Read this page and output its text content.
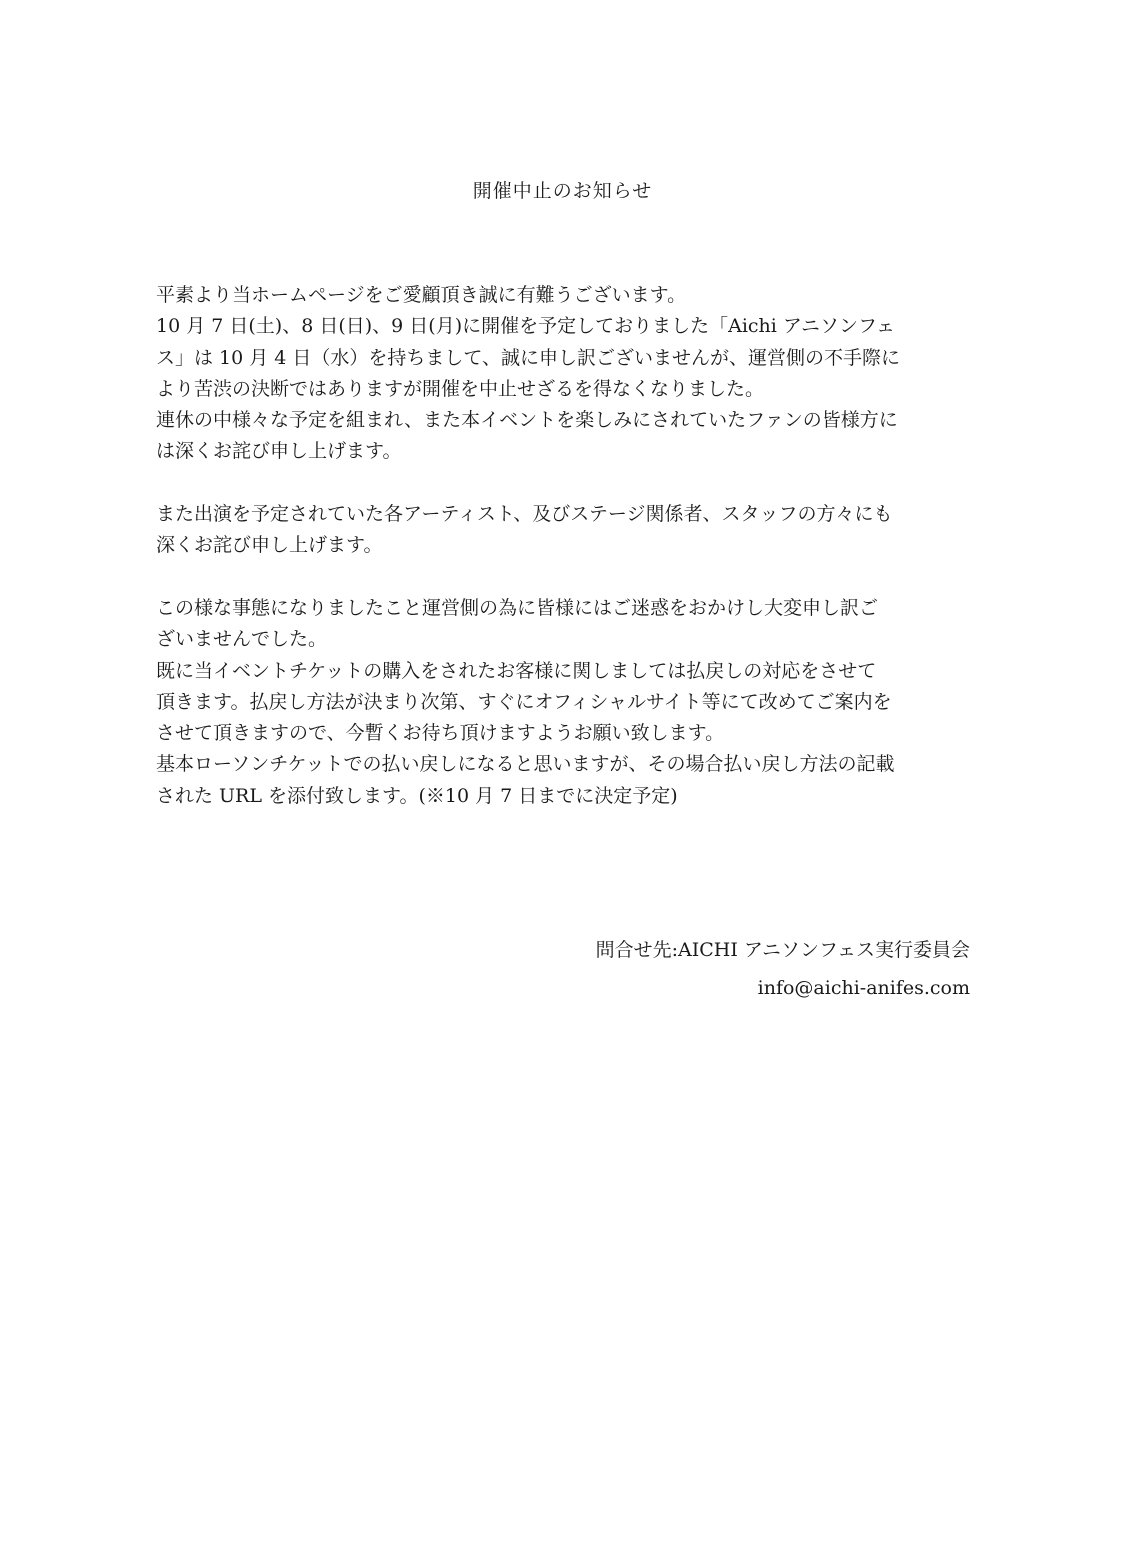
開催中止のお知らせ
平素より当ホームページをご愛顧頂き誠に有難うございます。
10 月 7 日(土)、8 日(日)、9 日(月)に開催を予定しておりました「Aichi アニソンフェ
ス」は 10 月 4 日（水）を持ちまして、誠に申し訳ございませんが、運営側の不手際に
より苦渋の決断ではありますが開催を中止せざるを得なくなりました。
連休の中様々な予定を組まれ、また本イベントを楽しみにされていたファンの皆様方に
は深くお詫び申し上げます。
また出演を予定されていた各アーティスト、及びステージ関係者、スタッフの方々にも
深くお詫び申し上げます。
この様な事態になりましたこと運営側の為に皆様にはご迷惑をおかけし大変申し訳ご
ざいませんでした。
既に当イベントチケットの購入をされたお客様に関しましては払戻しの対応をさせて
頂きます。払戻し方法が決まり次第、すぐにオフィシャルサイト等にて改めてご案内を
させて頂きますので、今暫くお待ち頂けますようお願い致します。
基本ローソンチケットでの払い戻しになると思いますが、その場合払い戻し方法の記載
された URL を添付致します。(※10 月 7 日までに決定予定)
問合せ先:AICHI アニソンフェス実行委員会
info@aichi-anifes.com
